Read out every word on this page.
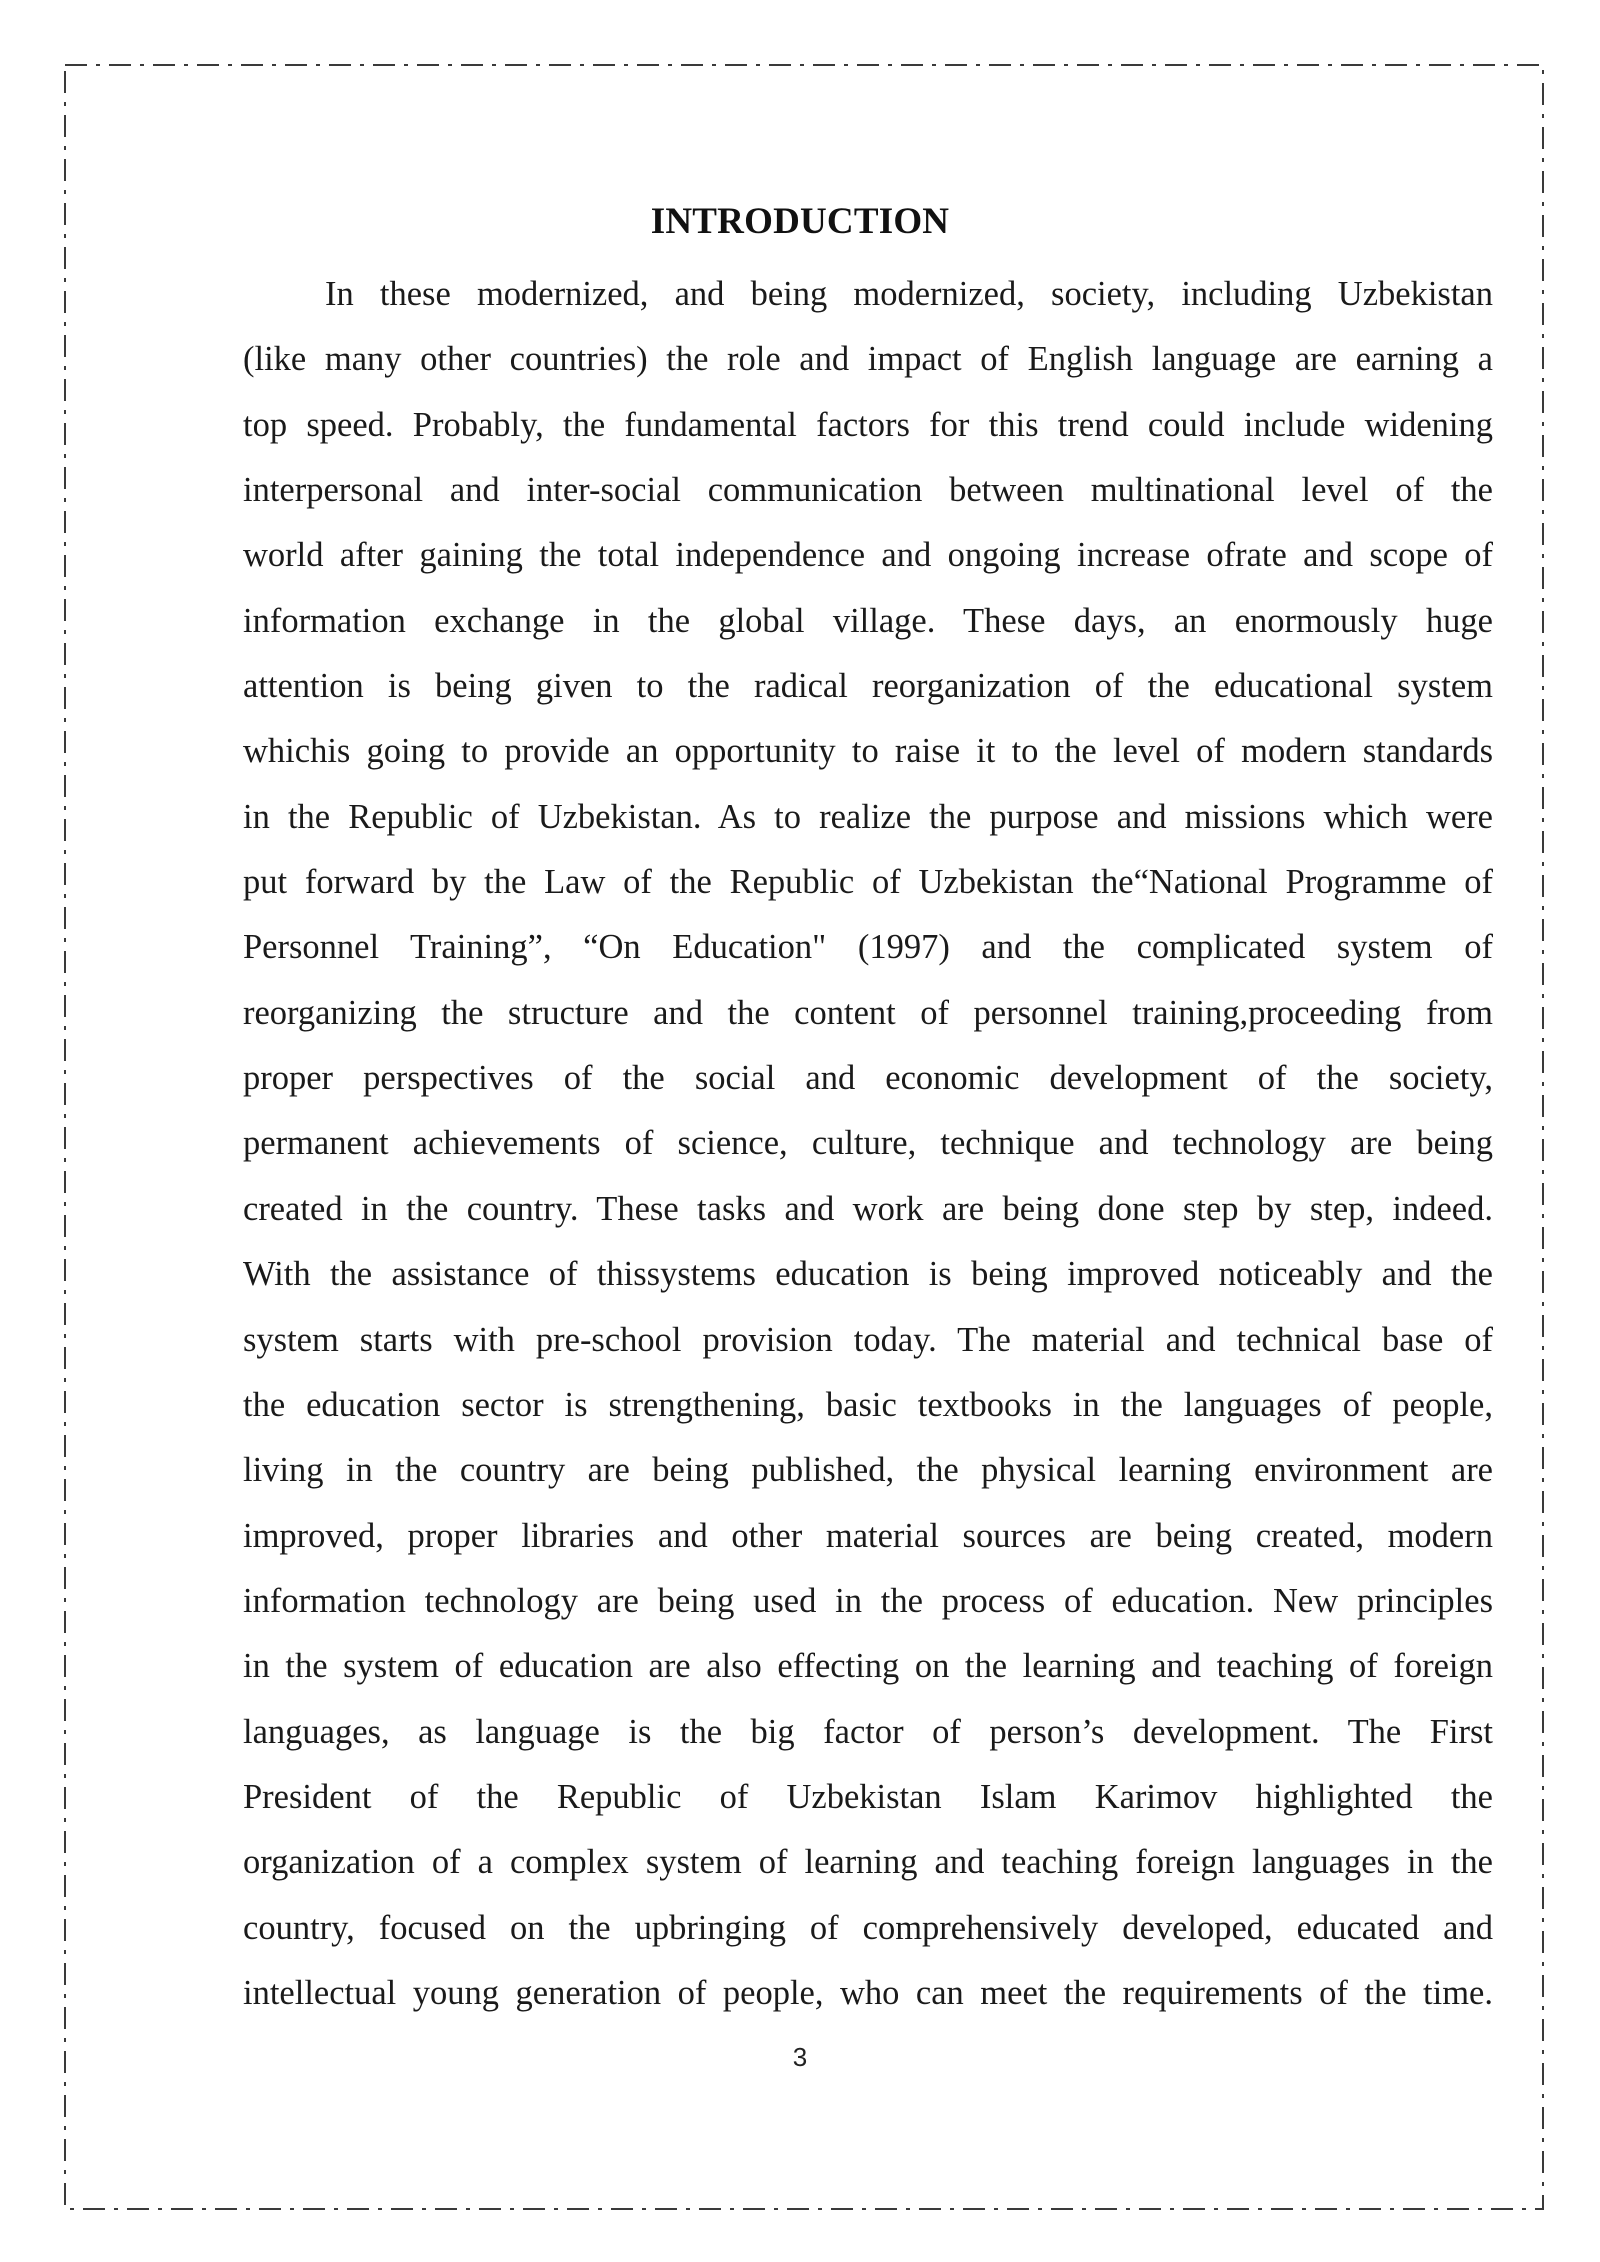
INTRODUCTION
In these modernized, and being modernized, society, including Uzbekistan
(like many other countries) the role and impact of English language are earning a
top speed. Probably, the fundamental factors for this trend could include widening
interpersonal and inter-social communication between multinational level of the
world after gaining the total independence and ongoing increase ofrate and scope of
information exchange in the global village. These days, an enormously huge
attention is being given to the radical reorganization of the educational system
whichis going to provide an opportunity to raise it to the level of modern standards
in the Republic of Uzbekistan. As to realize the purpose and missions which were
put forward by the Law of the Republic of Uzbekistan the“National Programme of
Personnel Training”, “On Education" (1997) and the complicated system of
reorganizing the structure and the content of personnel training,proceeding from
proper perspectives of the social and economic development of the society,
permanent achievements of science, culture, technique and technology are being
created in the country. These tasks and work are being done step by step, indeed.
With the assistance of thissystems education is being improved noticeably and the
system starts with pre-school provision today. The material and technical base of
the education sector is strengthening, basic textbooks in the languages of people,
living in the country are being published, the physical learning environment are
improved, proper libraries and other material sources are being created, modern
information technology are being used in the process of education. New principles
in the system of education are also effecting on the learning and teaching of foreign
languages, as language is the big factor of person’s development. The First
President of the Republic of Uzbekistan Islam Karimov highlighted the
organization of a complex system of learning and teaching foreign languages in the
country, focused on the upbringing of comprehensively developed, educated and
intellectual young generation of people, who can meet the requirements of the time.
3
